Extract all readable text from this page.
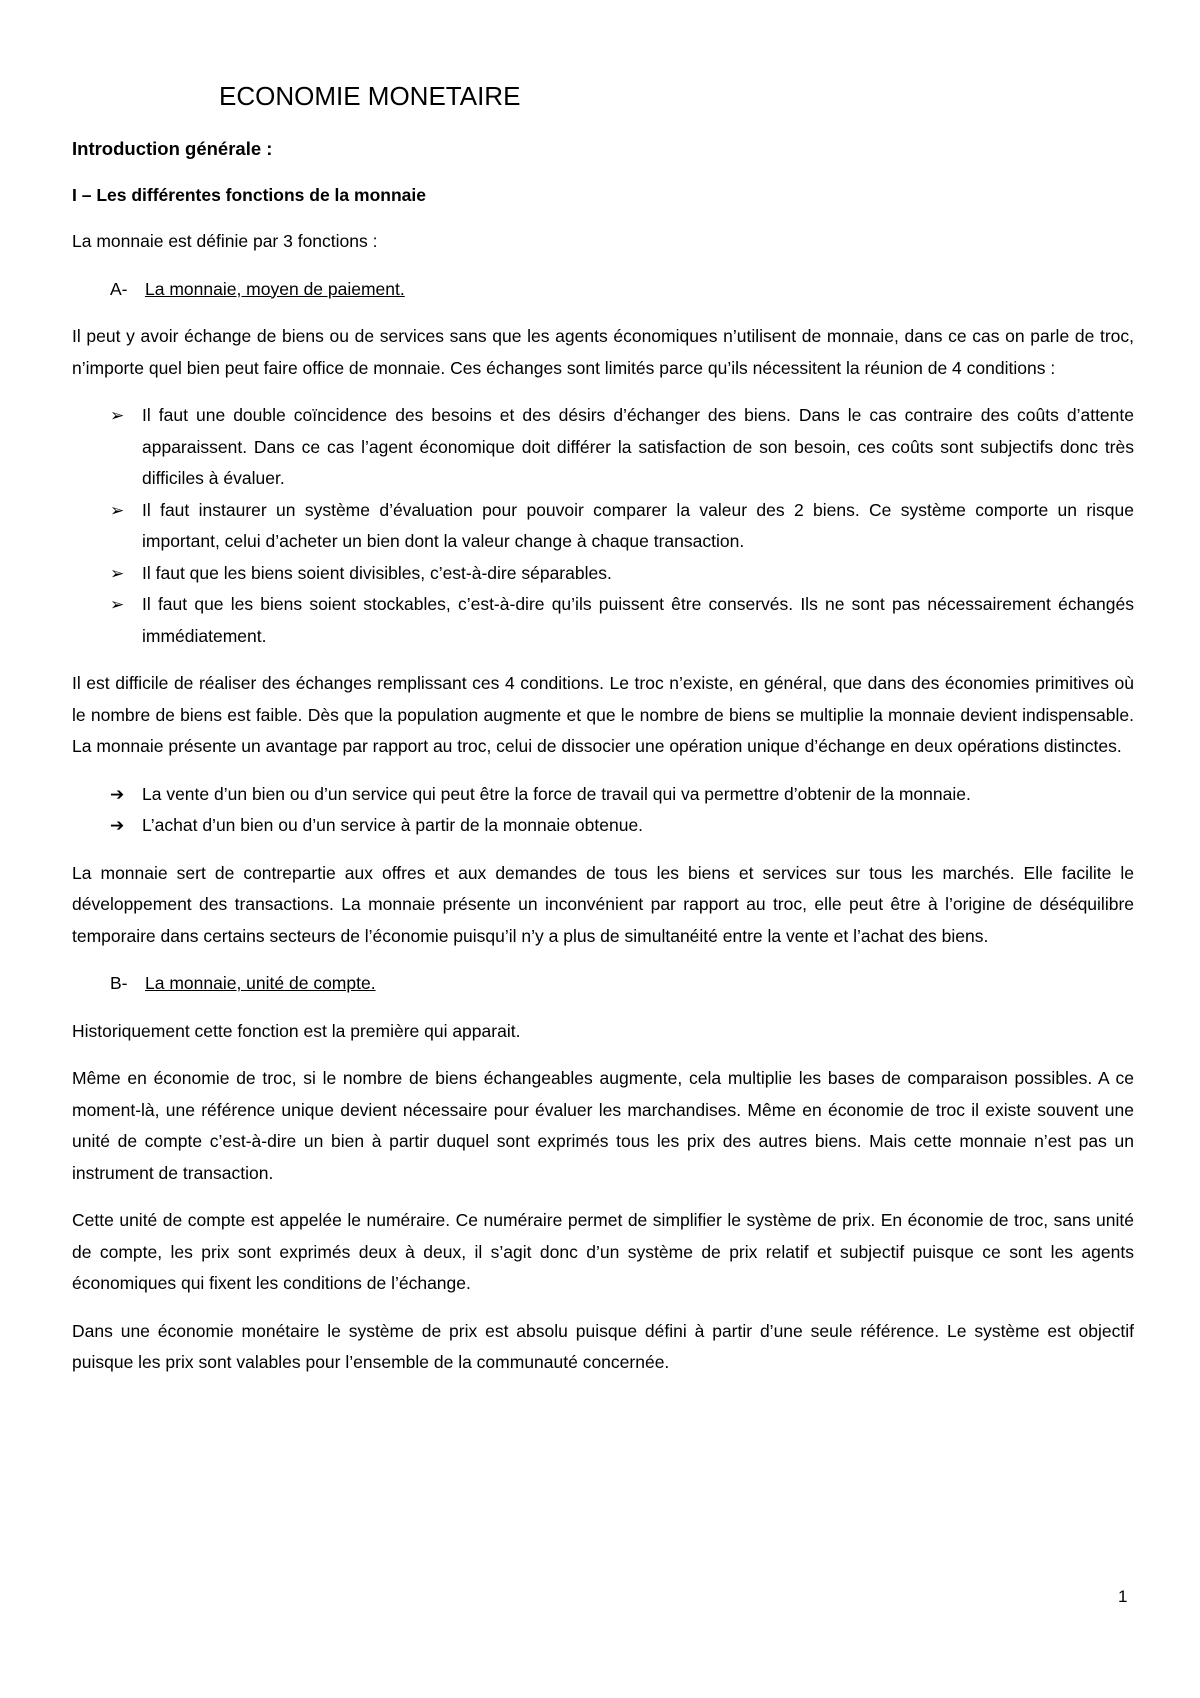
ECONOMIE MONETAIRE
Introduction générale :
I – Les différentes fonctions de la monnaie

La monnaie est définie par 3 fonctions :

A-	La monnaie, moyen de paiement.

Il peut y avoir échange de biens ou de services sans que les agents économiques n’utilisent de monnaie, dans ce cas on parle de troc, n’importe quel bien peut faire office de monnaie. Ces échanges sont limités parce qu’ils nécessitent la réunion de 4 conditions :

➢	Il faut une double coïncidence des besoins et des désirs d’échanger des biens. Dans le cas contraire des coûts d’attente apparaissent. Dans ce cas l’agent économique doit différer la satisfaction de son besoin, ces coûts sont subjectifs donc très difficiles à évaluer.
➢	Il faut instaurer un système d’évaluation pour pouvoir comparer la valeur des 2 biens. Ce système comporte un risque important, celui d’acheter un bien dont la valeur change à chaque transaction.
➢	Il faut que les biens soient divisibles, c’est-à-dire séparables.
➢	Il faut que les biens soient stockables, c’est-à-dire qu’ils puissent être conservés. Ils ne sont pas nécessairement échangés immédiatement.

Il est difficile de réaliser des échanges remplissant ces 4 conditions. Le troc n’existe, en général, que dans des économies primitives où le nombre de biens est faible. Dès que la population augmente et que le nombre de biens se multiplie la monnaie devient indispensable. La monnaie présente un avantage par rapport au troc, celui de dissocier une opération unique d’échange en deux opérations distinctes.

➔	La vente d’un bien ou d’un service qui peut être la force de travail qui va permettre d’obtenir de la monnaie.
➔	L’achat d’un bien ou d’un service à partir de la monnaie obtenue.

La monnaie sert de contrepartie aux offres et aux demandes de tous les biens et services sur tous les marchés. Elle facilite le développement des transactions. La monnaie présente un inconvénient par rapport au troc, elle peut être à l’origine de déséquilibre temporaire dans certains secteurs de l’économie puisqu’il n’y a plus de simultanéité entre la vente et l’achat des biens.

B-	La monnaie, unité de compte.

Historiquement cette fonction est la première qui apparait.

Même en économie de troc, si le nombre de biens échangeables augmente, cela multiplie les bases de comparaison possibles. A ce moment-là, une référence unique devient nécessaire pour évaluer les marchandises. Même en économie de troc il existe souvent une unité de compte c’est-à-dire un bien à partir duquel sont exprimés tous les prix des autres biens. Mais cette monnaie n’est pas un instrument de transaction.

Cette unité de compte est appelée le numéraire. Ce numéraire permet de simplifier le système de prix. En économie de troc, sans unité de compte, les prix sont exprimés deux à deux, il s’agit donc d’un système de prix relatif et subjectif puisque ce sont les agents économiques qui fixent les conditions de l’échange.

Dans une économie monétaire le système de prix est absolu puisque défini à partir d’une seule référence. Le système est objectif puisque les prix sont valables pour l’ensemble de la communauté concernée.

1
